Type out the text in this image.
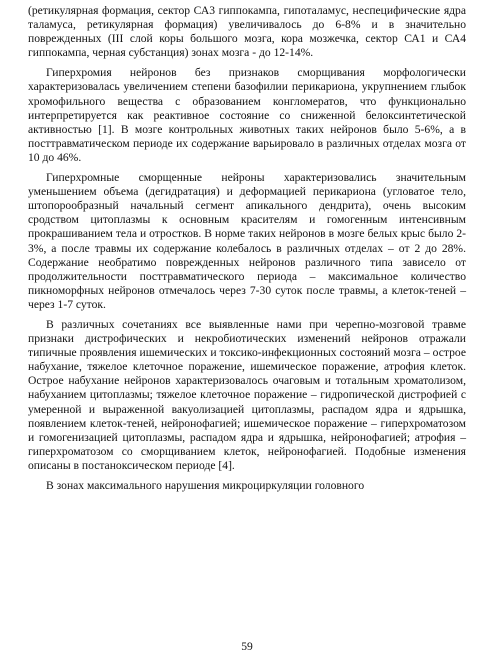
(ретикулярная формация, сектор СА3 гиппокампа, гипоталамус, неспецифические ядра таламуса, ретикулярная формация) увеличивалось до 6-8% и в значительно поврежденных (III слой коры большого мозга, кора мозжечка, сектор СА1 и СА4 гиппокампа, черная субстанция) зонах мозга - до 12-14%.

Гиперхромия нейронов без признаков сморщивания морфологически характеризовалась увеличением степени базофилии перикариона, укрупнением глыбок хромофильного вещества с образованием конгломератов, что функционально интерпретируется как реактивное состояние со сниженной белоксинтетической активностью [1]. В мозге контрольных животных таких нейронов было 5-6%, а в посттравматическом периоде их содержание варьировало в различных отделах мозга от 10 до 46%.

Гиперхромные сморщенные нейроны характеризовались значительным уменьшением объема (дегидратация) и деформацией перикариона (угловатое тело, штопорообразный начальный сегмент апикального дендрита), очень высоким сродством цитоплазмы к основным красителям и гомогенным интенсивным прокрашиванием тела и отростков. В норме таких нейронов в мозге белых крыс было 2-3%, а после травмы их содержание колебалось в различных отделах – от 2 до 28%. Содержание необратимо поврежденных нейронов различного типа зависело от продолжительности посттравматического периода – максимальное количество пикноморфных нейронов отмечалось через 7-30 суток после травмы, а клеток-теней – через 1-7 суток.

В различных сочетаниях все выявленные нами при черепно-мозговой травме признаки дистрофических и некробиотических изменений нейронов отражали типичные проявления ишемических и токсико-инфекционных состояний мозга – острое набухание, тяжелое клеточное поражение, ишемическое поражение, атрофия клеток. Острое набухание нейронов характеризовалось очаговым и тотальным хроматолизом, набуханием цитоплазмы; тяжелое клеточное поражение – гидропической дистрофией с умеренной и выраженной вакуолизацией цитоплазмы, распадом ядра и ядрышка, появлением клеток-теней, нейронофагией; ишемическое поражение – гиперхроматозом и гомогенизацией цитоплазмы, распадом ядра и ядрышка, нейронофагией; атрофия – гиперхроматозом со сморщиванием клеток, нейронофагией. Подобные изменения описаны в постаноксическом периоде [4].

В зонах максимального нарушения микроциркуляции головного

59
